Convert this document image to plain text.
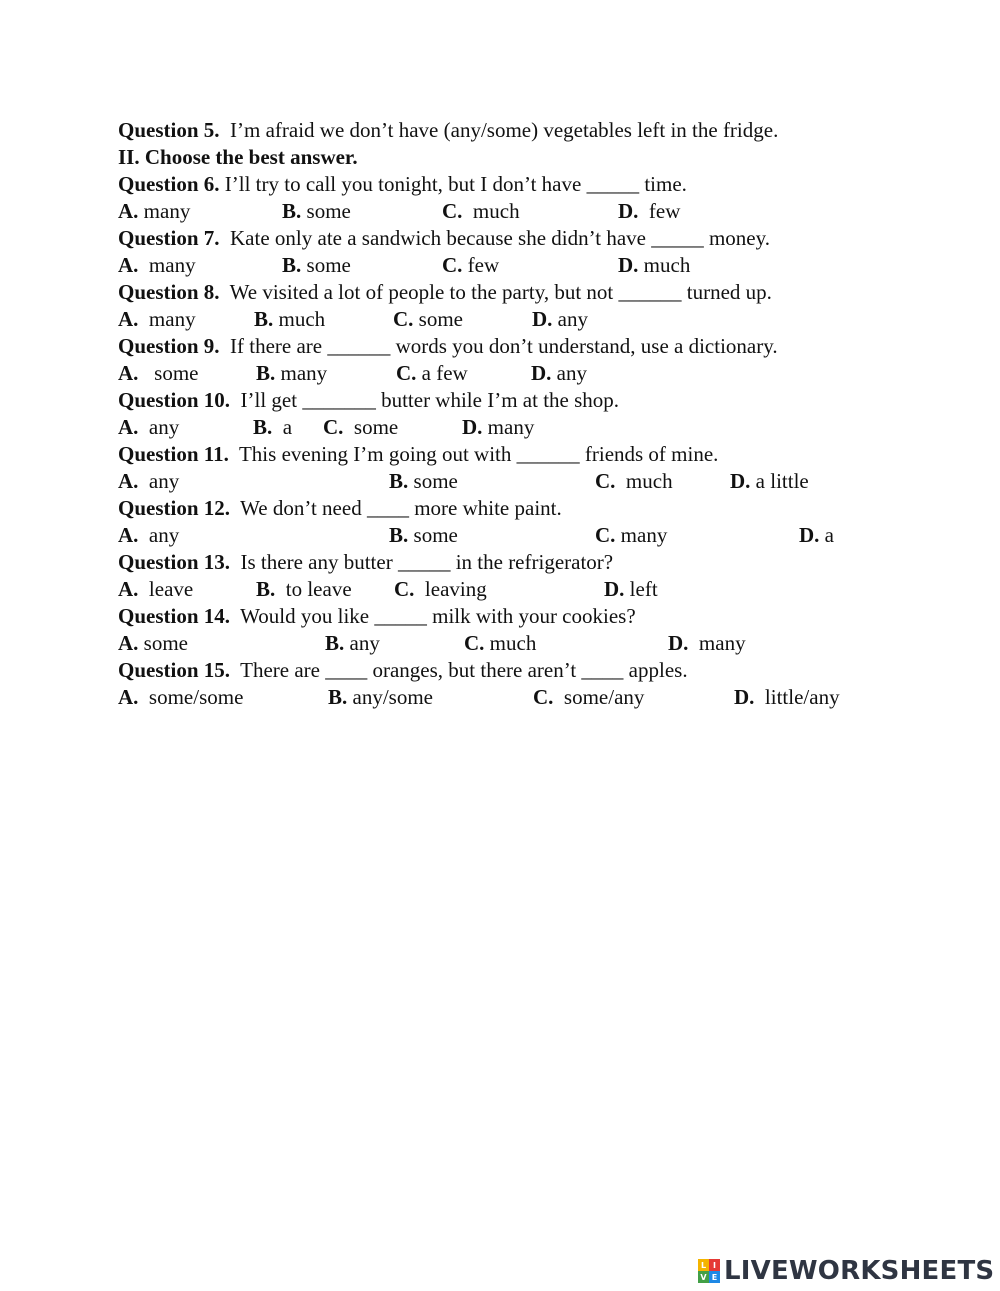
Question 5. I’m afraid we don’t have (any/some) vegetables left in the fridge.
II. Choose the best answer.
Question 6. I’ll try to call you tonight, but I don’t have _____ time.
A. many	B. some	C. much	D. few
Question 7. Kate only ate a sandwich because she didn’t have _____ money.
A. many	B. some	C. few	D. much
Question 8. We visited a lot of people to the party, but not ______ turned up.
A. many	B. much	C. some	D. any
Question 9. If there are ______ words you don’t understand, use a dictionary.
A. some	B. many	C. a few	D. any
Question 10. I’ll get _______ butter while I’m at the shop.
A. any	B. a C. some	D. many
Question 11. This evening I’m going out with ______ friends of mine.
A. any	B. some	C. much	D. a little
Question 12. We don’t need ____ more white paint.
A. any	B. some	C. many	D. a
Question 13. Is there any butter _____ in the refrigerator?
A. leave	B. to leave C. leaving	D. left
Question 14. Would you like _____ milk with your cookies?
A. some	B. any	C. much	D. many
Question 15. There are ____ oranges, but there aren’t ____ apples.
A. some/some	B. any/some	C. some/any	D. little/any
L I
V E LIVEWORKSHEETS
